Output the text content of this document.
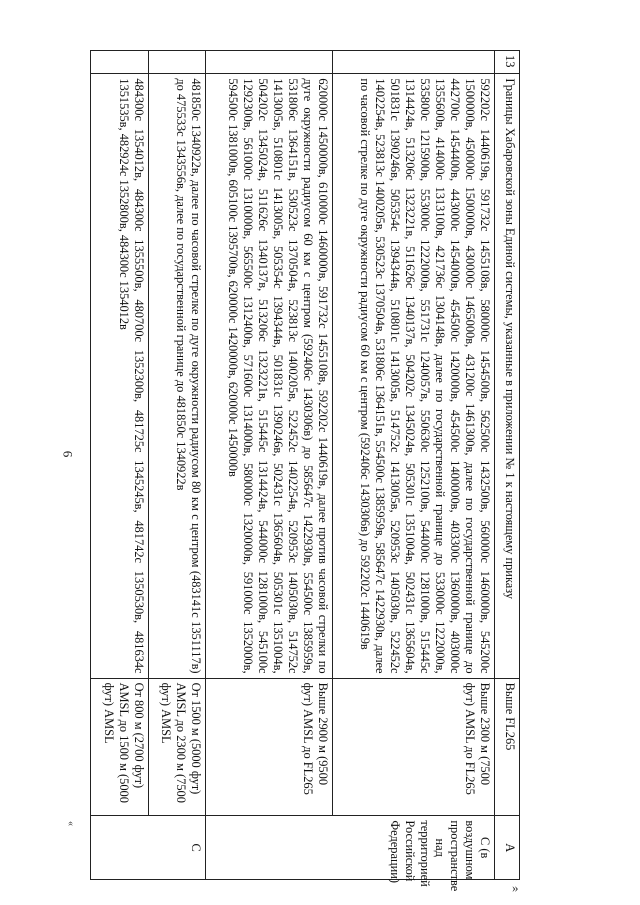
6
»
«
13	Границы Хабаровской зоны Единой системы, указанные в приложении № 1 к настоящему приказу	Выше FL265	A
	592202с 1440619в, 591732с 1455108в, 580000с 1454500в, 562500с 1432500в, 560000с 1460000в, 545200с 1500000в, 450000с 1500000в, 430000с 1465000в, 431200с 1461300в, далее по государственной границе до 442700с 1454400в, 443000с 1454000в, 454500с 1420000в, 454500с 1400000в, 403300с 1360000в, 403000с 1355600в, 414000с 1313100в, 421736с 1304148в, далее по государственной границе до 533000с 1222000в, 535800с 1215900в, 553000с 1222000в, 551731с 1240057в, 550630с 1252100в, 544000с 1281000в, 515445с 1314424в, 513206с 1323221в, 511626с 1340137в, 504202с 1345024в, 505301с 1351004в, 502431с 1365604в, 501831с 1390246в, 505354с 1394344в, 510801с 1413005в, 514752с 1413005в, 520953с 1405030в, 522452с 1402254в, 523813с 1400205в, 530523с 1370504в, 531806с 1364151в, 554500с 1385959в, 585647с 1422930в, далее по часовой стрелке по дуге окружности радиусом 60 км с центром (592406с 1430306в) до 592202с 1440619в	Выше 2300 м (7500 фут) AMSL до FL265	C (в воздушном пространстве над территорией Российской Федерации)
	620000с 1450000в, 610000с 1460000в, 591732с 1455108в, 592202с 1440619в, далее против часовой стрелки по дуге окружности радиусом 60 км с центром (592406с 1430306в) до 585647с 1422930в, 554500с 1385959в, 531806с 1364151в, 530523с 1370504в, 523813с 1400205в, 522452с 1402254в, 520953с 1405030в, 514752с 1413005в, 510801с 1413005в, 505354с 1394344в, 501831с 1390246в, 502431с 1365604в, 505301с 1351004в, 504202с 1345024в, 511626с 1340137в, 513206с 1323221в, 515445с 1314424в, 544000с 1281000в, 545100с 1292300в, 561000с 1310000в, 565500с 1312400в, 571600с 1314000в, 580000с 1320000в, 591000с 1352000в, 594500с 1381000в, 605100с 1395700в, 620000с 1420000в, 620000с 1450000в	Выше 2900 м (9500 фут) AMSL до FL265	
	481850с 1340922в, далее по часовой стрелке по дуге окружности радиусом 80 км с центром (483141с 1351117в) до 475533с 1343556в, далее по государственной границе до 481850с 1340922в	От 1500 м (5000 фут) AMSL до 2300 м (7500 фут) AMSL	C
	484300с 1354012в, 484300с 1355500в, 480700с 1352300в, 481725с 1345245в, 481742с 1350530в, 481634с 1351535в, 482924с 1352800в, 484300с 1354012в	От 800 м (2700 фут) AMSL до 1500 м (5000 фут) AMSL	
